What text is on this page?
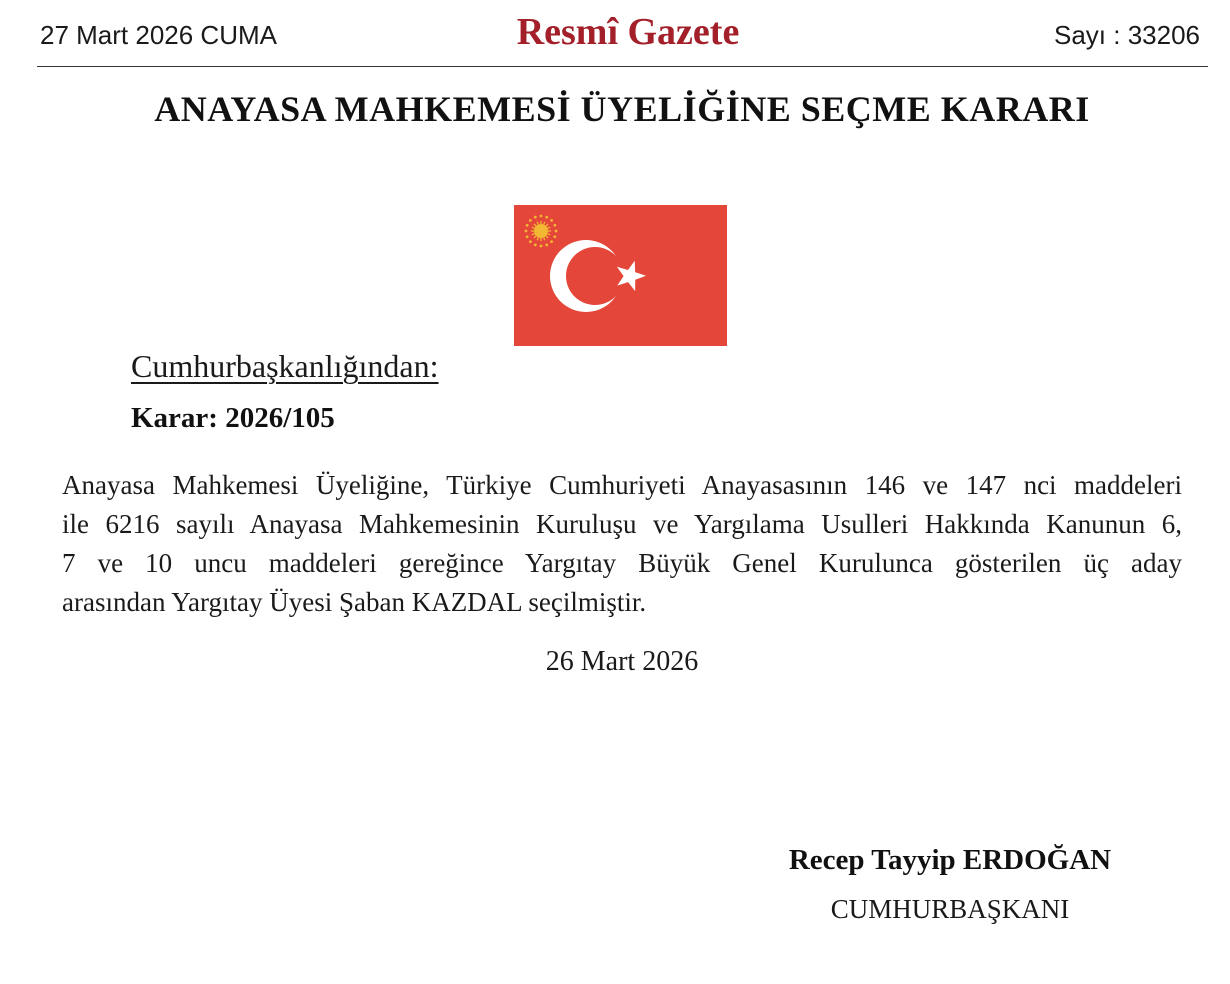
27 Mart 2026 CUMA	Resmî Gazete	Sayı : 33206
ANAYASA MAHKEMESİ ÜYELİĞİNE SEÇME KARARI
Cumhurbaşkanlığından:
Karar: 2026/105
Anayasa Mahkemesi Üyeliğine, Türkiye Cumhuriyeti Anayasasının 146 ve 147 nci maddeleri
ile 6216 sayılı Anayasa Mahkemesinin Kuruluşu ve Yargılama Usulleri Hakkında Kanunun 6,
7 ve 10 uncu maddeleri gereğince Yargıtay Büyük Genel Kurulunca gösterilen üç aday
arasından Yargıtay Üyesi Şaban KAZDAL seçilmiştir.
26 Mart 2026
Recep Tayyip ERDOĞAN
CUMHURBAŞKANI
